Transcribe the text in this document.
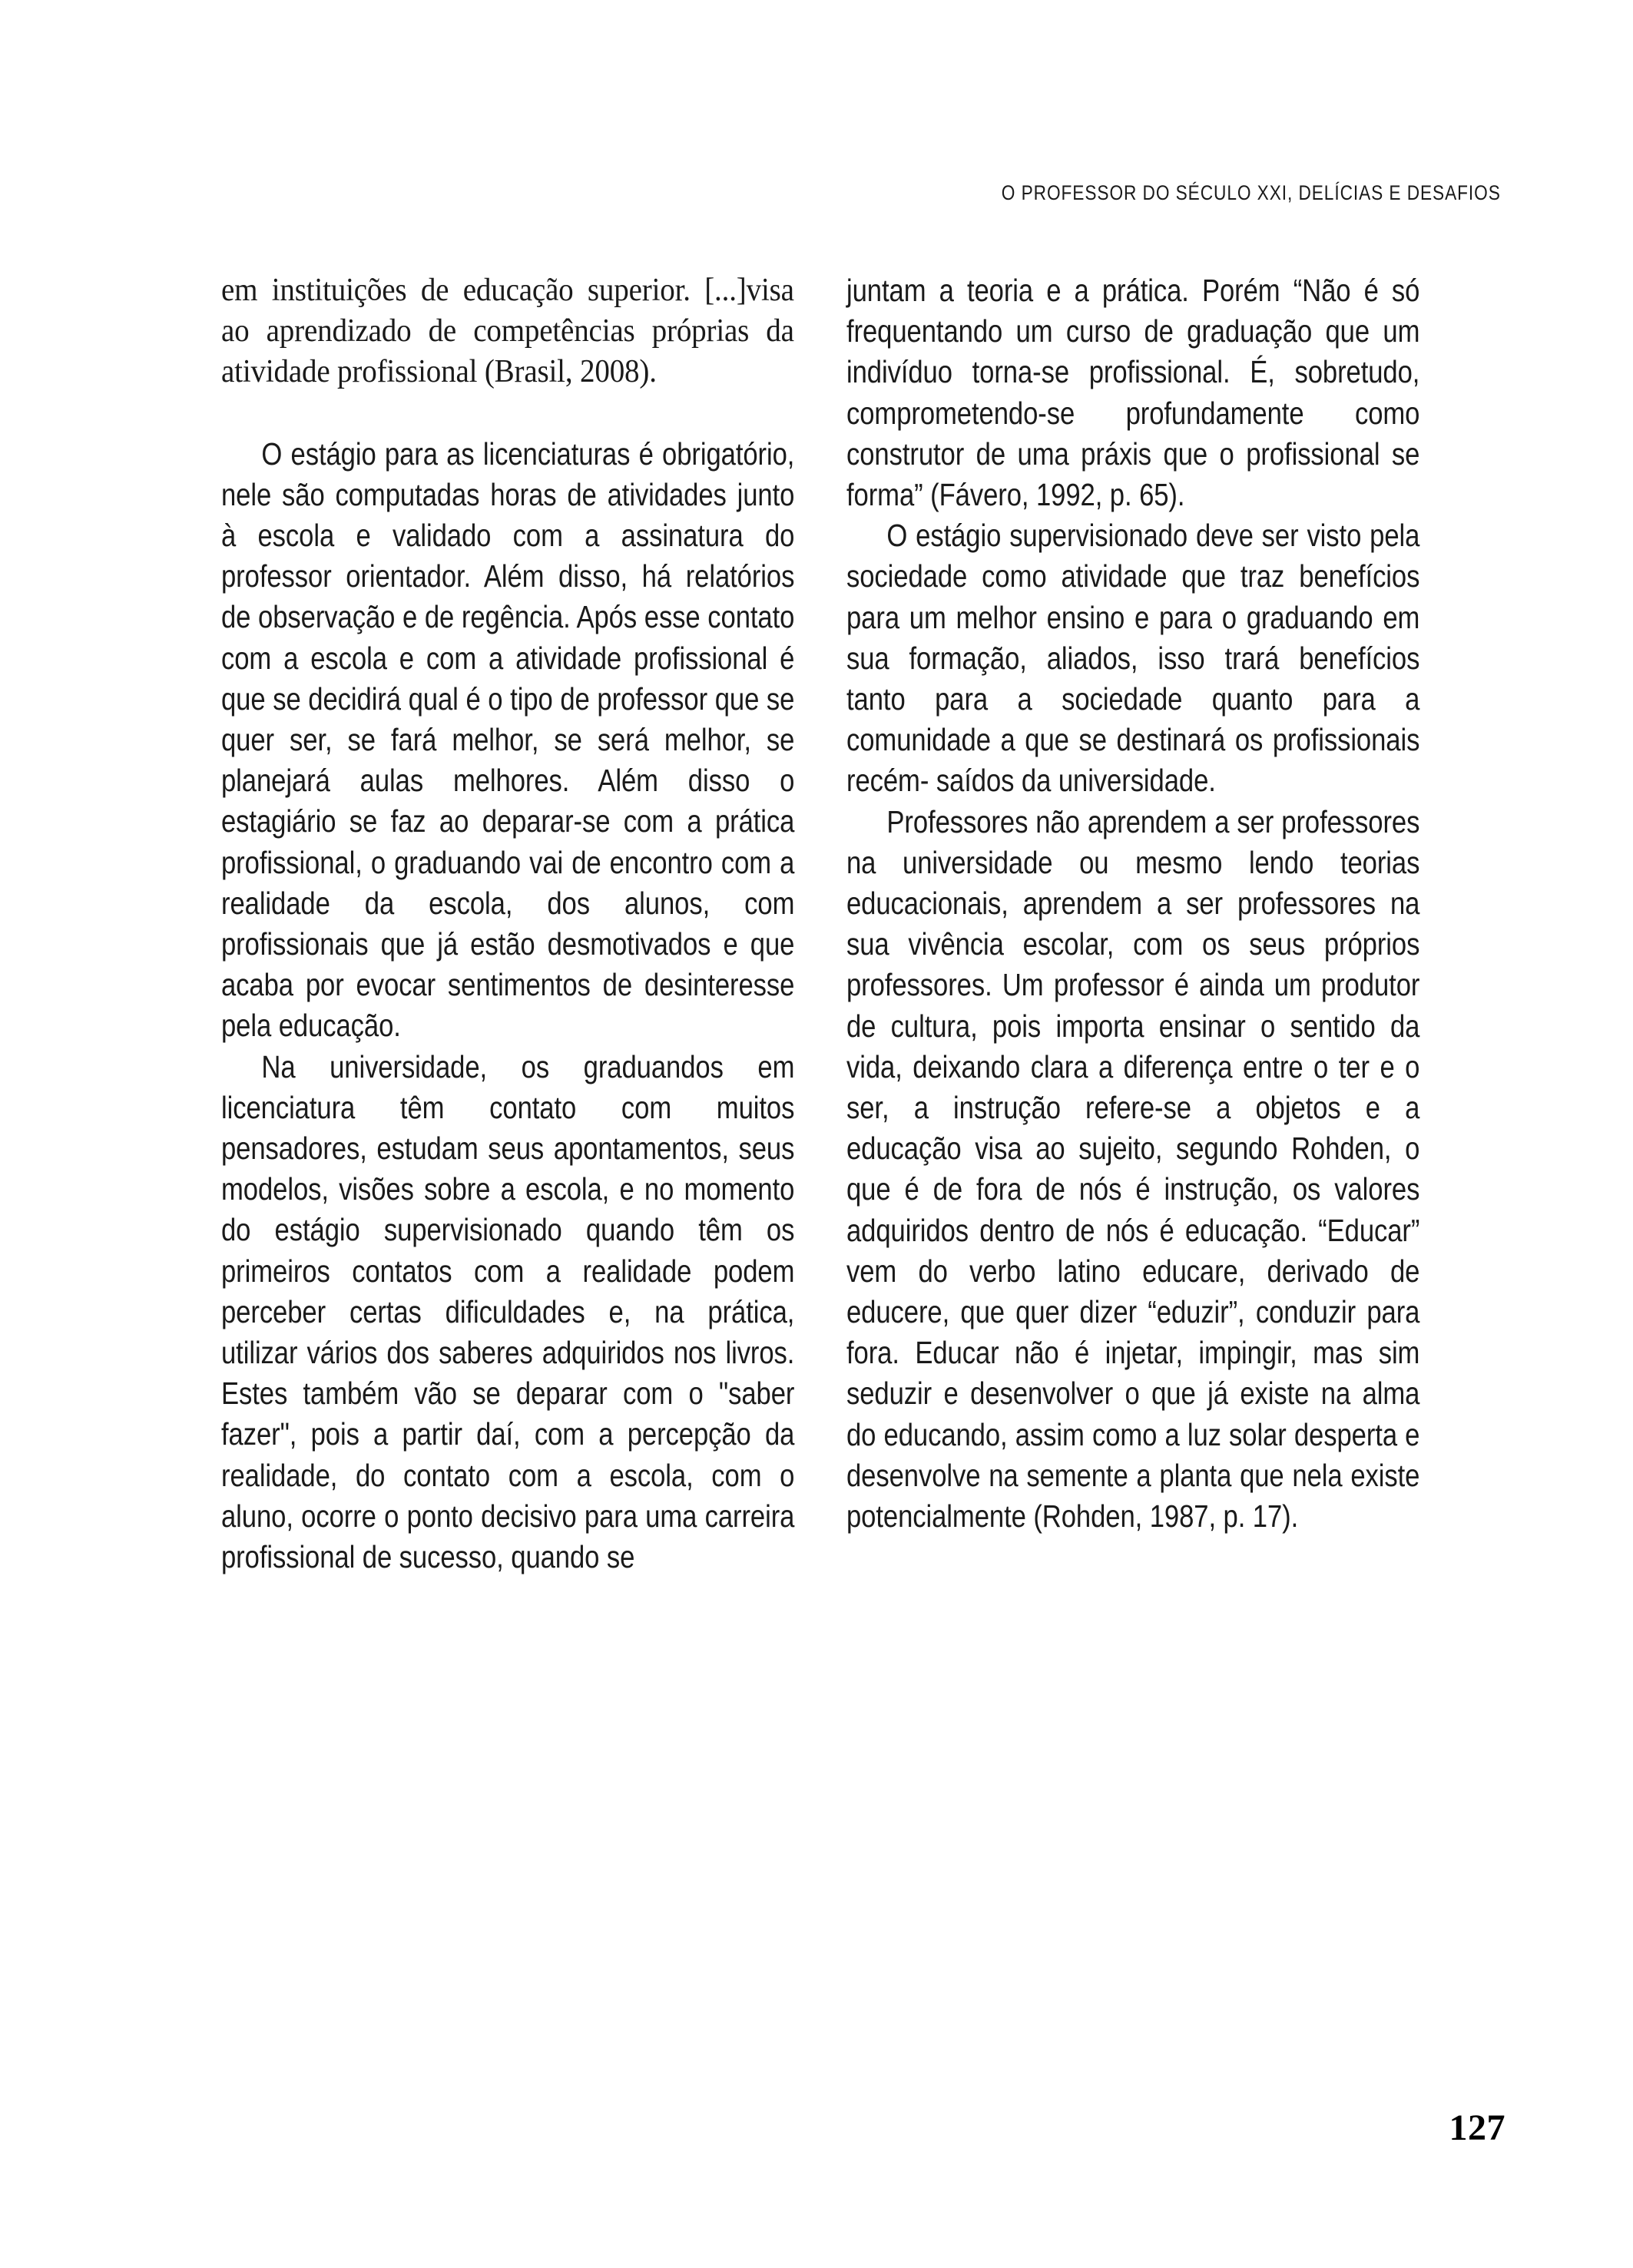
O PROFESSOR DO SÉCULO XXI, DELÍCIAS E DESAFIOS

em instituições de educação superior. [...]visa ao aprendizado de competências próprias da atividade profissional (Brasil, 2008).

O estágio para as licenciaturas é obrigatório, nele são computadas horas de atividades junto à escola e validado com a assinatura do professor orientador. Além disso, há relatórios de observação e de regência. Após esse contato com a escola e com a atividade profissional é que se decidirá qual é o tipo de professor que se quer ser, se fará melhor, se será melhor, se planejará aulas melhores. Além disso o estagiário se faz ao deparar-se com a prática profissional, o graduando vai de encontro com a realidade da escola, dos alunos, com profissionais que já estão desmotivados e que acaba por evocar sentimentos de desinteresse pela educação.

Na universidade, os graduandos em licenciatura têm contato com muitos pensadores, estudam seus apontamentos, seus modelos, visões sobre a escola, e no momento do estágio supervisionado quando têm os primeiros contatos com a realidade podem perceber certas dificuldades e, na prática, utilizar vários dos saberes adquiridos nos livros. Estes também vão se deparar com o "saber fazer", pois a partir daí, com a percepção da realidade, do contato com a escola, com o aluno, ocorre o ponto decisivo para uma carreira profissional de sucesso, quando se

juntam a teoria e a prática. Porém “Não é só frequentando um curso de graduação que um indivíduo torna-se profissional. É, sobretudo, comprometendo-se profundamente como construtor de uma práxis que o profissional se forma” (Fávero, 1992, p. 65).

O estágio supervisionado deve ser visto pela sociedade como atividade que traz benefícios para um melhor ensino e para o graduando em sua formação, aliados, isso trará benefícios tanto para a sociedade quanto para a comunidade a que se destinará os profissionais recém- saídos da universidade.

Professores não aprendem a ser professores na universidade ou mesmo lendo teorias educacionais, aprendem a ser professores na sua vivência escolar, com os seus próprios professores. Um professor é ainda um produtor de cultura, pois importa ensinar o sentido da vida, deixando clara a diferença entre o ter e o ser, a instrução refere-se a objetos e a educação visa ao sujeito, segundo Rohden, o que é de fora de nós é instrução, os valores adquiridos dentro de nós é educação. “Educar” vem do verbo latino educare, derivado de educere, que quer dizer “eduzir”, conduzir para fora. Educar não é injetar, impingir, mas sim seduzir e desenvolver o que já existe na alma do educando, assim como a luz solar desperta e desenvolve na semente a planta que nela existe potencialmente (Rohden, 1987, p. 17).

127
